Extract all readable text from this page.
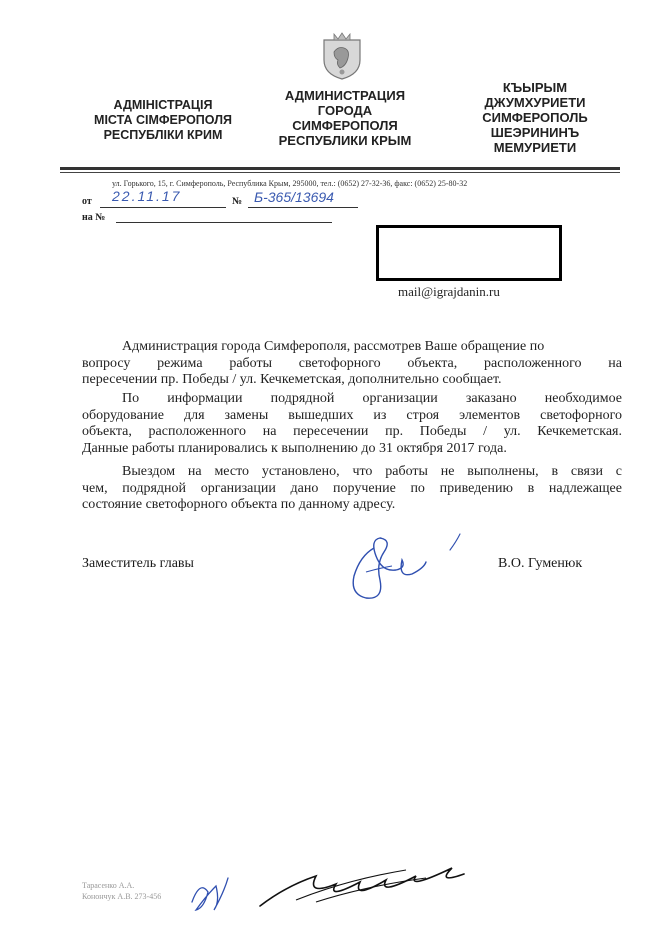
АДМІНІСТРАЦІЯ
МІСТА СІМФЕРОПОЛЯ
РЕСПУБЛІКИ КРИМ
АДМИНИСТРАЦИЯ
ГОРОДА
СИМФЕРОПОЛЯ
РЕСПУБЛИКИ КРЫМ
КЪЫРЫМ
ДЖУМХУРИЕТИ
СИМФЕРОПОЛЬ
ШЕЭРИНИНЪ
МЕМУРИЕТИ
ул. Горького, 15, г. Симферополь, Республика Крым, 295000, тел.: (0652) 27-32-36, факс: (0652) 25-80-32
от 22.11.17	№ Б-365/13694
на №
mail@igrajdanin.ru
Администрация города Симферополя, рассмотрев Ваше обращение по
вопросу режима работы светофорного объекта, расположенного на
пересечении пр. Победы / ул. Кечкеметская, дополнительно сообщает.
По информации подрядной организации заказано необходимое
оборудование для замены вышедших из строя элементов светофорного
объекта, расположенного на пересечении пр. Победы / ул. Кечкеметская.
Данные работы планировались к выполнению до 31 октября 2017 года.
Выездом на место установлено, что работы не выполнены, в связи с
чем, подрядной организации дано поручение по приведению в надлежащее
состояние светофорного объекта по данному адресу.
Заместитель главы	В.О. Гуменюк
Тарасенко А.А.
Конончук А.В. 273-456
